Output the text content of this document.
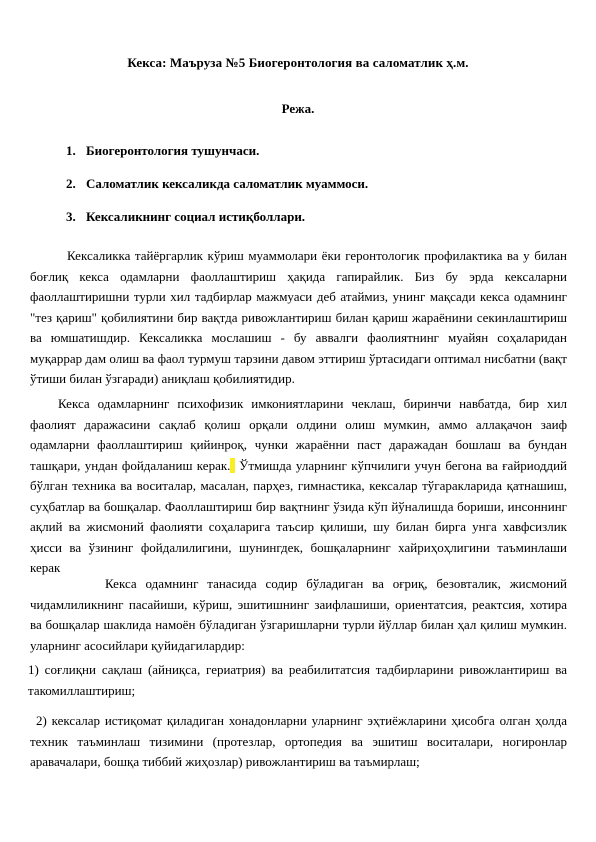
Кекса: Маъруза №5 Биогеронтология ва саломатлик ҳ.м.
Режа.
1. Биогеронтология тушунчаси.
2. Саломатлик кексаликда саломатлик муаммоси.
3. Кексаликнинг социал истиқболлари.

Кексаликка тайёргарлик кўриш муаммолари ёки геронтологик профилактика ва у билан боғлиқ кекса одамларни фаоллаштириш ҳақида гапирайлик. Биз бу эрда кексаларни фаоллаштиришни турли хил тадбирлар мажмуаси деб атаймиз, унинг мақсади кекса одамнинг "тез қариш" қобилиятини бир вақтда ривожлантириш билан қариш жараёнини секинлаштириш ва юмшатишдир. Кексаликка мослашиш - бу аввалги фаолиятнинг муайян соҳаларидан муқаррар дам олиш ва фаол турмуш тарзини давом эттириш ўртасидаги оптимал нисбатни (вақт ўтиши билан ўзгаради) аниқлаш қобилиятидир.

Кекса одамларнинг психофизик имкониятларини чеклаш, биринчи навбатда, бир хил фаолият даражасини сақлаб қолиш орқали олдини олиш мумкин, аммо аллақачон заиф одамларни фаоллаштириш қийинроқ, чунки жараённи паст даражадан бошлаш ва бундан ташқари, ундан фойдаланиш керак.  Ўтмишда уларнинг кўпчилиги учун бегона ва ғайриоддий бўлган техника ва воситалар, масалан, парҳез, гимнастика, кексалар тўгаракларида қатнашиш, суҳбатлар ва бошқалар. Фаоллаштириш бир вақтнинг ўзида кўп йўналишда бориши, инсоннинг ақлий ва жисмоний фаолияти соҳаларига таъсир қилиши, шу билан бирга унга хавфсизлик ҳисси ва ўзининг фойдалилигини, шунингдек, бошқаларнинг хайриҳоҳлигини таъминлаши керак

Кекса одамнинг танасида содир бўладиган ва оғриқ, безовталик, жисмоний чидамлиликнинг пасайиши, кўриш, эшитишнинг заифлашиши, ориентатсия, реактсия, хотира ва бошқалар шаклида намоён бўладиган ўзгаришларни турли йўллар билан ҳал қилиш мумкин. уларнинг асосийлари қуйидагилардир:

1) соғлиқни сақлаш (айниқса, гериатрия) ва реабилитатсия тадбирларини ривожлантириш ва такомиллаштириш;

2) кексалар истиқомат қиладиган хонадонларни уларнинг эҳтиёжларини ҳисобга олган ҳолда техник таъминлаш тизимини (протезлар, ортопедия ва эшитиш воситалари, ногиронлар аравачалари, бошқа тиббий жиҳозлар) ривожлантириш ва таъмирлаш;
